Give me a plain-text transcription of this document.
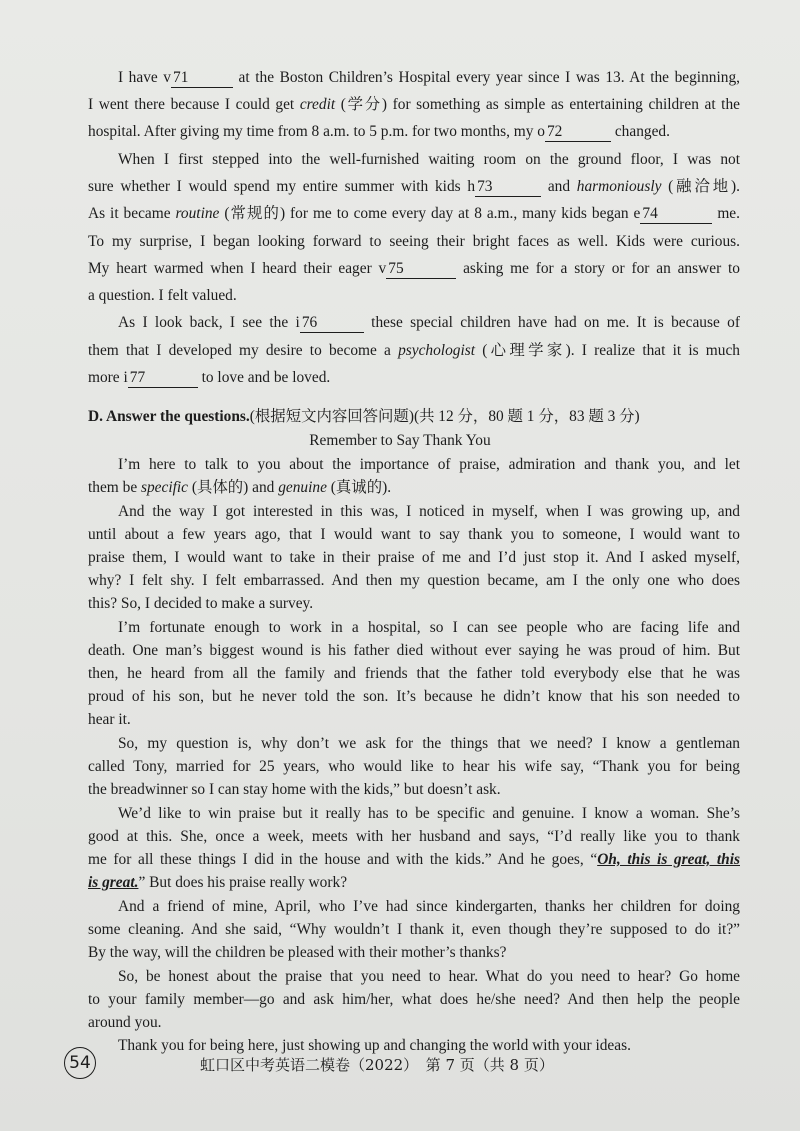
I have v 71	at the Boston Children’s Hospital every year since I was 13. At the beginning,
I went there because I could get credit (学分) for something as simple as entertaining children at the
hospital. After giving my time from 8 a.m. to 5 p.m. for two months, my o 72	changed.
When I first stepped into the well-furnished waiting room on the ground floor, I was not
sure whether I would spend my entire summer with kids h 73	and harmoniously (融洽地).
As it became routine (常规的) for me to come every day at 8 a.m., many kids began e 74	me.
To my surprise, I began looking forward to seeing their bright faces as well. Kids were curious.
My heart warmed when I heard their eager v 75	asking me for a story or for an answer to
a question. I felt valued.
As I look back, I see the i 76	these special children have had on me. It is because of
them that I developed my desire to become a psychologist (心理学家). I realize that it is much
more i 77	to love and be loved.
D. Answer the questions.(根据短文内容回答问题)(共 12 分，80 题 1 分，83 题 3 分)
Remember to Say Thank You
I’m here to talk to you about the importance of praise, admiration and thank you, and let
them be specific (具体的) and genuine (真诚的).
And the way I got interested in this was, I noticed in myself, when I was growing up, and
until about a few years ago, that I would want to say thank you to someone, I would want to
praise them, I would want to take in their praise of me and I’d just stop it. And I asked myself,
why? I felt shy. I felt embarrassed. And then my question became, am I the only one who does
this? So, I decided to make a survey.
I’m fortunate enough to work in a hospital, so I can see people who are facing life and
death. One man’s biggest wound is his father died without ever saying he was proud of him. But
then, he heard from all the family and friends that the father told everybody else that he was
proud of his son, but he never told the son. It’s because he didn’t know that his son needed to
hear it.
So, my question is, why don’t we ask for the things that we need? I know a gentleman
called Tony, married for 25 years, who would like to hear his wife say, “Thank you for being
the breadwinner so I can stay home with the kids,” but doesn’t ask.
We’d like to win praise but it really has to be specific and genuine. I know a woman. She’s
good at this. She, once a week, meets with her husband and says, “I’d really like you to thank
me for all these things I did in the house and with the kids.” And he goes, “Oh, this is great, this
is great.” But does his praise really work?
And a friend of mine, April, who I’ve had since kindergarten, thanks her children for doing
some cleaning. And she said, “Why wouldn’t I thank it, even though they’re supposed to do it?”
By the way, will the children be pleased with their mother’s thanks?
So, be honest about the praise that you need to hear. What do you need to hear? Go home
to your family member—go and ask him/her, what does he/she need? And then help the people
around you.
Thank you for being here, just showing up and changing the world with your ideas.
54	虹口区中考英语二模卷（2022）　第 7 页（共 8 页）
